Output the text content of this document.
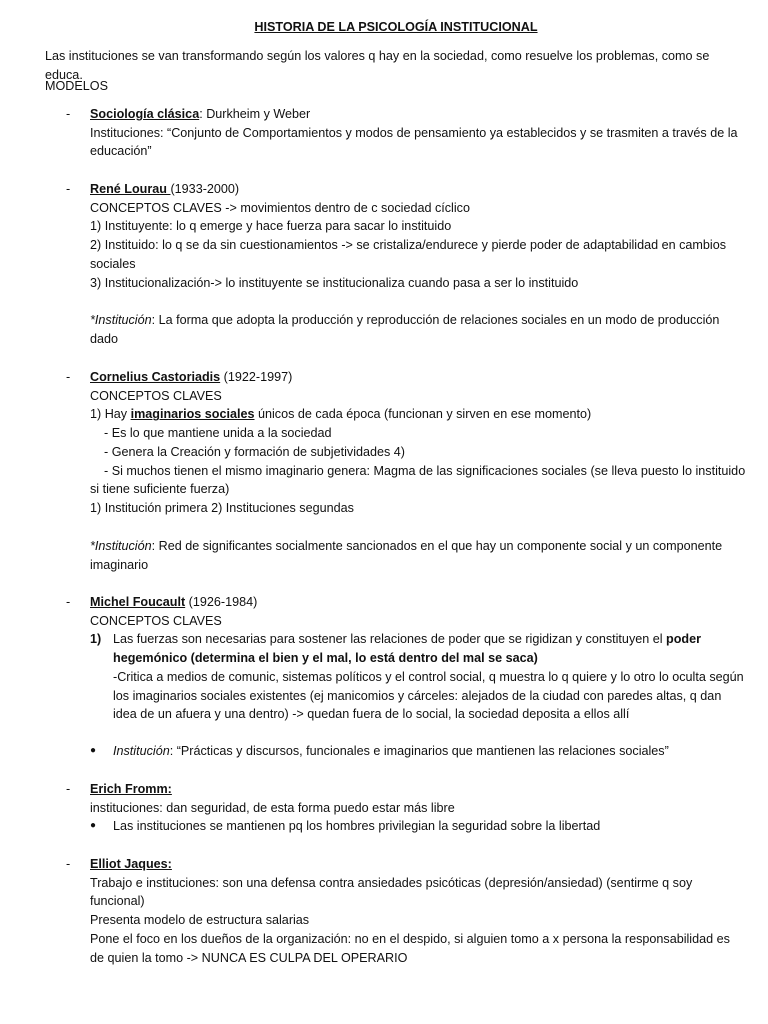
HISTORIA DE LA PSICOLOGÍA INSTITUCIONAL
Las instituciones se van transformando según los valores q hay en la sociedad, como resuelve los problemas, como se educa.
MODELOS
-	Sociología clásica: Durkheim y Weber
Instituciones: “Conjunto de Comportamientos y modos de pensamiento ya establecidos y se trasmiten a través de la educación”
-	René Lourau (1933-2000)
CONCEPTOS CLAVES -> movimientos dentro de c sociedad cíclico
1) Instituyente: lo q emerge y hace fuerza para sacar lo instituido
2) Instituido: lo q se da sin cuestionamientos -> se cristaliza/endurece y pierde poder de adaptabilidad en cambios sociales
3) Institucionalización-> lo instituyente se institucionaliza cuando pasa a ser lo instituido
*Institución: La forma que adopta la producción y reproducción de relaciones sociales en un modo de producción dado
-	Cornelius Castoriadis (1922-1997)
CONCEPTOS CLAVES
1) Hay imaginarios sociales únicos de cada época (funcionan y sirven en ese momento)
- Es lo que mantiene unida a la sociedad
- Genera la Creación y formación de subjetividades 4)
- Si muchos tienen el mismo imaginario genera: Magma de las significaciones sociales (se lleva puesto lo instituido si tiene suficiente fuerza)
1) Institución primera 2) Instituciones segundas
*Institución: Red de significantes socialmente sancionados en el que hay un componente social y un componente imaginario
-	Michel Foucault (1926-1984)
CONCEPTOS CLAVES
1) Las fuerzas son necesarias para sostener las relaciones de poder que se rigidizan y constituyen el poder hegemónico (determina el bien y el mal, lo está dentro del mal se saca)
-Critica a medios de comunic, sistemas políticos y el control social, q muestra lo q quiere y lo otro lo oculta según los imaginarios sociales existentes (ej manicomios y cárceles: alejados de la ciudad con paredes altas, q dan idea de un afuera y una dentro) -> quedan fuera de lo social, la sociedad deposita a ellos allí
● Institución: “Prácticas y discursos, funcionales e imaginarios que mantienen las relaciones sociales”
-	Erich Fromm:
instituciones: dan seguridad, de esta forma puedo estar más libre
● Las instituciones se mantienen pq los hombres privilegian la seguridad sobre la libertad
-	Elliot Jaques:
Trabajo e instituciones: son una defensa contra ansiedades psicóticas (depresión/ansiedad) (sentirme q soy funcional)
Presenta modelo de estructura salarias
Pone el foco en los dueños de la organización: no en el despido, si alguien tomo a x persona la responsabilidad es de quien la tomo -> NUNCA ES CULPA DEL OPERARIO
